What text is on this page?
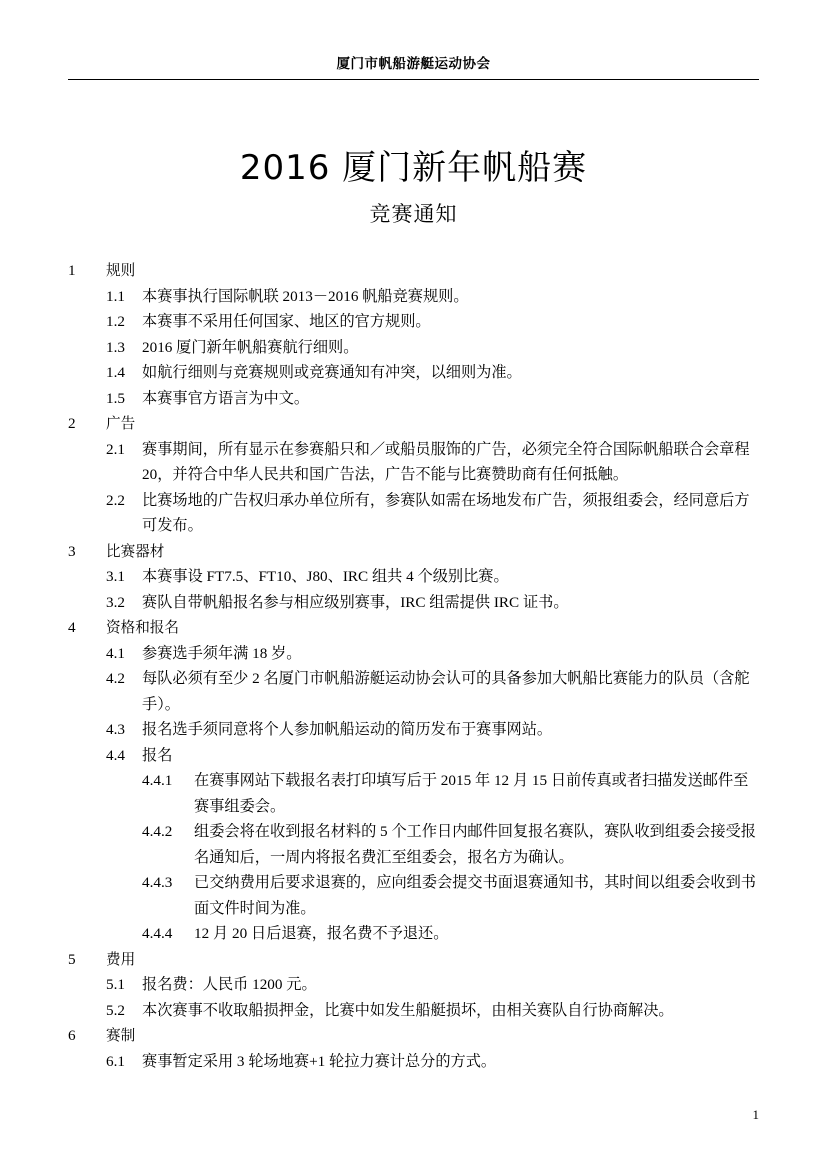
厦门市帆船游艇运动协会
2016 厦门新年帆船赛
竞赛通知
1	规则
1.1	本赛事执行国际帆联 2013－2016 帆船竞赛规则。
1.2	本赛事不采用任何国家、地区的官方规则。
1.3	2016 厦门新年帆船赛航行细则。
1.4	如航行细则与竞赛规则或竞赛通知有冲突，以细则为准。
1.5	本赛事官方语言为中文。
2	广告
2.1	赛事期间，所有显示在参赛船只和／或船员服饰的广告，必须完全符合国际帆船联合会章程 20，并符合中华人民共和国广告法，广告不能与比赛赞助商有任何抵触。
2.2	比赛场地的广告权归承办单位所有，参赛队如需在场地发布广告，须报组委会，经同意后方可发布。
3	比赛器材
3.1	本赛事设 FT7.5、FT10、J80、IRC 组共 4 个级别比赛。
3.2	赛队自带帆船报名参与相应级别赛事，IRC 组需提供 IRC 证书。
4	资格和报名
4.1	参赛选手须年满 18 岁。
4.2	每队必须有至少 2 名厦门市帆船游艇运动协会认可的具备参加大帆船比赛能力的队员（含舵手）。
4.3	报名选手须同意将个人参加帆船运动的简历发布于赛事网站。
4.4	报名
4.4.1	在赛事网站下载报名表打印填写后于 2015 年 12 月 15 日前传真或者扫描发送邮件至赛事组委会。
4.4.2	组委会将在收到报名材料的 5 个工作日内邮件回复报名赛队，赛队收到组委会接受报名通知后，一周内将报名费汇至组委会，报名方为确认。
4.4.3	已交纳费用后要求退赛的，应向组委会提交书面退赛通知书，其时间以组委会收到书面文件时间为准。
4.4.4	12 月 20 日后退赛，报名费不予退还。
5	费用
5.1	报名费：人民币 1200 元。
5.2	本次赛事不收取船损押金，比赛中如发生船艇损坏，由相关赛队自行协商解决。
6	赛制
6.1	赛事暂定采用 3 轮场地赛+1 轮拉力赛计总分的方式。
1
